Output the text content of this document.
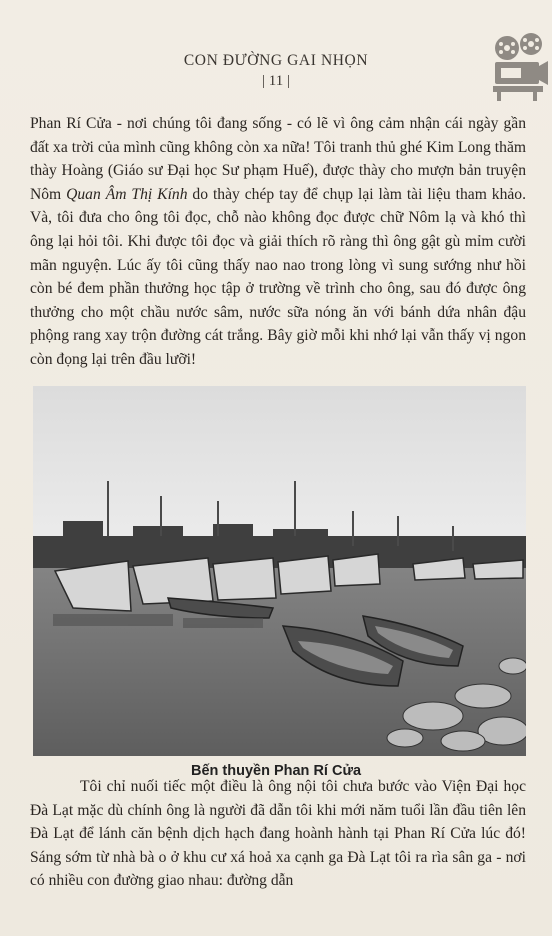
CON ĐƯỜNG GAI NHỌN
| 11 |

Phan Rí Cửa - nơi chúng tôi đang sống - có lẽ vì ông cảm nhận cái ngày gần đất xa trời của mình cũng không còn xa nữa! Tôi tranh thủ ghé Kim Long thăm thày Hoàng (Giáo sư Đại học Sư phạm Huế), được thày cho mượn bản truyện Nôm Quan Âm Thị Kính do thày chép tay để chụp lại làm tài liệu tham khảo. Và, tôi đưa cho ông tôi đọc, chỗ nào không đọc được chữ Nôm lạ và khó thì ông lại hỏi tôi. Khi được tôi đọc và giải thích rõ ràng thì ông gật gù mỉm cười mãn nguyện. Lúc ấy tôi cũng thấy nao nao trong lòng vì sung sướng như hồi còn bé đem phần thưởng học tập ở trường về trình cho ông, sau đó được ông thưởng cho một chầu nước sâm, nước sữa nóng ăn với bánh dứa nhân đậu phộng rang xay trộn đường cát trắng. Bây giờ mỗi khi nhớ lại vẫn thấy vị ngon còn đọng lại trên đầu lưỡi!

Bến thuyền Phan Rí Cửa

Tôi chỉ nuối tiếc một điều là ông nội tôi chưa bước vào Viện Đại học Đà Lạt mặc dù chính ông là người đã dẫn tôi khi mới năm tuổi lần đầu tiên lên Đà Lạt để lánh căn bệnh dịch hạch đang hoành hành tại Phan Rí Cửa lúc đó! Sáng sớm từ nhà bà o ở khu cư xá hoả xa cạnh ga Đà Lạt tôi ra rìa sân ga - nơi có nhiều con đường giao nhau: đường dẫn
